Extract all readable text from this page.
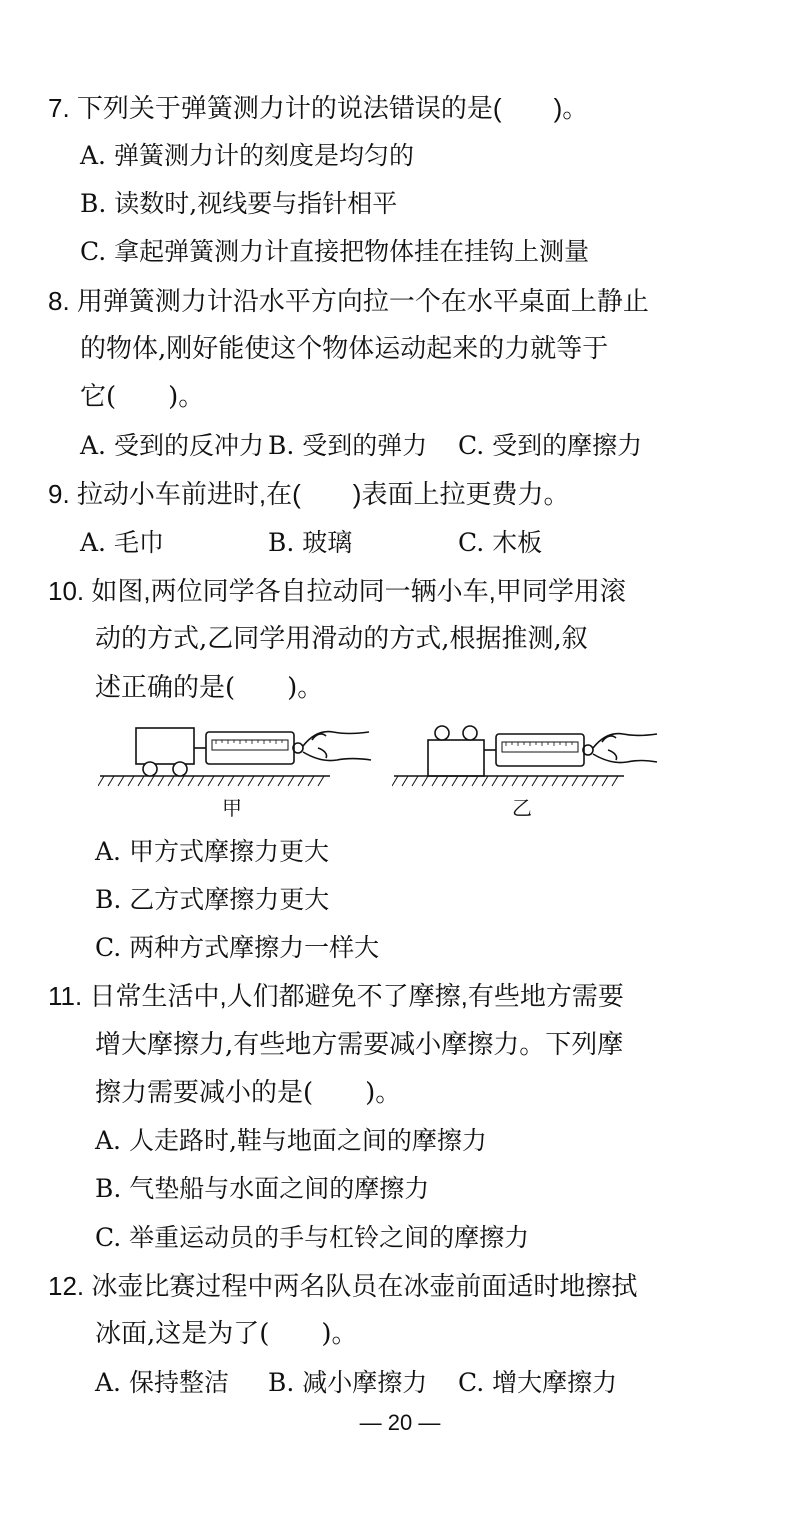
7. 下列关于弹簧测力计的说法错误的是(　　)。
A. 弹簧测力计的刻度是均匀的
B. 读数时,视线要与指针相平
C. 拿起弹簧测力计直接把物体挂在挂钩上测量
8. 用弹簧测力计沿水平方向拉一个在水平桌面上静止
的物体,刚好能使这个物体运动起来的力就等于
它(　　)。
A. 受到的反冲力 B. 受到的弹力 C. 受到的摩擦力
9. 拉动小车前进时,在(　　)表面上拉更费力。
A. 毛巾	B. 玻璃	C. 木板
10. 如图,两位同学各自拉动同一辆小车,甲同学用滚
动的方式,乙同学用滑动的方式,根据推测,叙
述正确的是(　　)。
甲	乙
A. 甲方式摩擦力更大
B. 乙方式摩擦力更大
C. 两种方式摩擦力一样大
11. 日常生活中,人们都避免不了摩擦,有些地方需要
增大摩擦力,有些地方需要减小摩擦力。下列摩
擦力需要减小的是(　　)。
A. 人走路时,鞋与地面之间的摩擦力
B. 气垫船与水面之间的摩擦力
C. 举重运动员的手与杠铃之间的摩擦力
12. 冰壶比赛过程中两名队员在冰壶前面适时地擦拭
冰面,这是为了(　　)。
A. 保持整洁 B. 减小摩擦力 C. 增大摩擦力
— 20 —
